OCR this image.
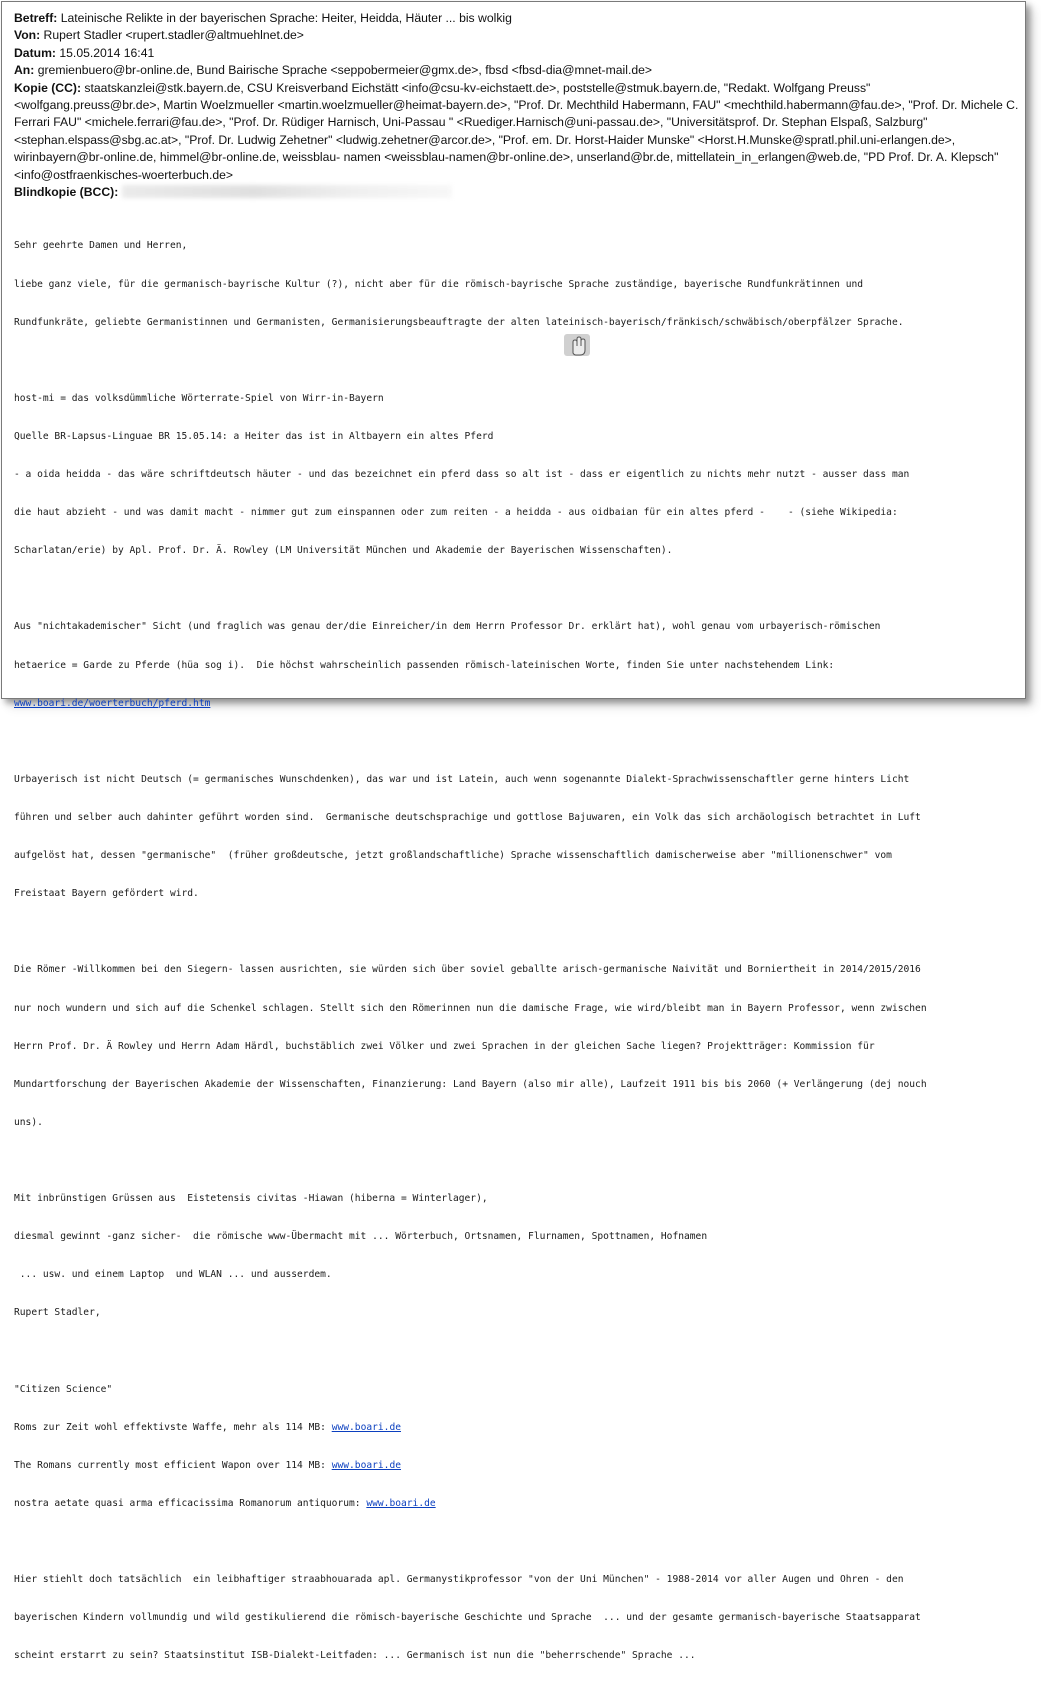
Betreff: Lateinische Relikte in der bayerischen Sprache: Heiter, Heidda, Häuter ... bis wolkig
Von: Rupert Stadler <rupert.stadler@altmuehlnet.de>
Datum: 15.05.2014 16:41
An: gremienbuero@br-online.de, Bund Bairische Sprache <seppobermeier@gmx.de>, fbsd <fbsd-dia@mnet-mail.de>
Kopie (CC): staatskanzlei@stk.bayern.de, CSU Kreisverband Eichstätt <info@csu-kv-eichstaett.de>, poststelle@stmuk.bayern.de, "Redakt. Wolfgang Preuss" <wolfgang.preuss@br.de>, Martin Woelzmueller <martin.woelzmueller@heimat-bayern.de>, "Prof. Dr. Mechthild Habermann, FAU" <mechthild.habermann@fau.de>, "Prof. Dr. Michele C. Ferrari FAU" <michele.ferrari@fau.de>, "Prof. Dr. Rüdiger Harnisch, Uni-Passau " <Ruediger.Harnisch@uni-passau.de>, "Universitätsprof. Dr. Stephan Elspaß, Salzburg" <stephan.elspass@sbg.ac.at>, "Prof. Dr. Ludwig Zehetner" <ludwig.zehetner@arcor.de>, "Prof. em. Dr. Horst-Haider Munske" <Horst.H.Munske@spratl.phil.uni-erlangen.de>, wirinbayern@br-online.de, himmel@br-online.de, weissblau- namen <weissblau-namen@br-online.de>, unserland@br.de, mittellatein_in_erlangen@web.de, "PD Prof. Dr. A. Klepsch" <info@ostfraenkisches-woerterbuch.de>
Blindkopie (BCC):

Sehr geehrte Damen und Herren,

liebe ganz viele, für die germanisch-bayrische Kultur (?), nicht aber für die römisch-bayrische Sprache zuständige, bayerische Rundfunkrätinnen und

Rundfunkräte, geliebte Germanistinnen und Germanisten, Germanisierungsbeauftragte der alten lateinisch-bayerisch/fränkisch/schwäbisch/oberpfälzer Sprache.

host-mi = das volksdümmliche Wörterrate-Spiel von Wirr-in-Bayern

Quelle BR-Lapsus-Linguae BR 15.05.14: a Heiter das ist in Altbayern ein altes Pferd

- a oida heidda - das wäre schriftdeutsch häuter - und das bezeichnet ein pferd dass so alt ist - dass er eigentlich zu nichts mehr nutzt - ausser dass man

die haut abzieht - und was damit macht - nimmer gut zum einspannen oder zum reiten - a heidda - aus oidbaian für ein altes pferd -    - (siehe Wikipedia:

Scharlatan/erie) by Apl. Prof. Dr. Ä. Rowley (LM Universität München und Akademie der Bayerischen Wissenschaften).

Aus "nichtakademischer" Sicht (und fraglich was genau der/die Einreicher/in dem Herrn Professor Dr. erklärt hat), wohl genau vom urbayerisch-römischen

hetaerice = Garde zu Pferde (hüa sog i).  Die höchst wahrscheinlich passenden römisch-lateinischen Worte, finden Sie unter nachstehendem Link:

www.boari.de/woerterbuch/pferd.htm

Urbayerisch ist nicht Deutsch (= germanisches Wunschdenken), das war und ist Latein, auch wenn sogenannte Dialekt-Sprachwissenschaftler gerne hinters Licht

führen und selber auch dahinter geführt worden sind.  Germanische deutschsprachige und gottlose Bajuwaren, ein Volk das sich archäologisch betrachtet in Luft

aufgelöst hat, dessen "germanische"  (früher großdeutsche, jetzt großlandschaftliche) Sprache wissenschaftlich damischerweise aber "millionenschwer" vom

Freistaat Bayern gefördert wird.

Die Römer -Willkommen bei den Siegern- lassen ausrichten, sie würden sich über soviel geballte arisch-germanische Naivität und Borniertheit in 2014/2015/2016

nur noch wundern und sich auf die Schenkel schlagen. Stellt sich den Römerinnen nun die damische Frage, wie wird/bleibt man in Bayern Professor, wenn zwischen

Herrn Prof. Dr. Ä Rowley und Herrn Adam Härdl, buchstäblich zwei Völker und zwei Sprachen in der gleichen Sache liegen? Projektträger: Kommission für

Mundartforschung der Bayerischen Akademie der Wissenschaften, Finanzierung: Land Bayern (also mir alle), Laufzeit 1911 bis bis 2060 (+ Verlängerung (dej nouch

uns).

Mit inbrünstigen Grüssen aus  Eistetensis civitas -Hiawan (hiberna = Winterlager),

diesmal gewinnt -ganz sicher-  die römische www-Übermacht mit ... Wörterbuch, Ortsnamen, Flurnamen, Spottnamen, Hofnamen

... usw. und einem Laptop  und WLAN ... und ausserdem.

Rupert Stadler,

"Citizen Science"

Roms zur Zeit wohl effektivste Waffe, mehr als 114 MB: www.boari.de

The Romans currently most efficient Wapon over 114 MB: www.boari.de

nostra aetate quasi arma efficacissima Romanorum antiquorum: www.boari.de

Hier stiehlt doch tatsächlich  ein leibhaftiger straabhouarada apl. Germanystikprofessor "von der Uni München" - 1988-2014 vor aller Augen und Ohren - den

bayerischen Kindern vollmundig und wild gestikulierend die römisch-bayerische Geschichte und Sprache  ... und der gesamte germanisch-bayerische Staatsapparat

scheint erstarrt zu sein? Staatsinstitut ISB-Dialekt-Leitfaden: ... Germanisch ist nun die "beherrschende" Sprache ...
